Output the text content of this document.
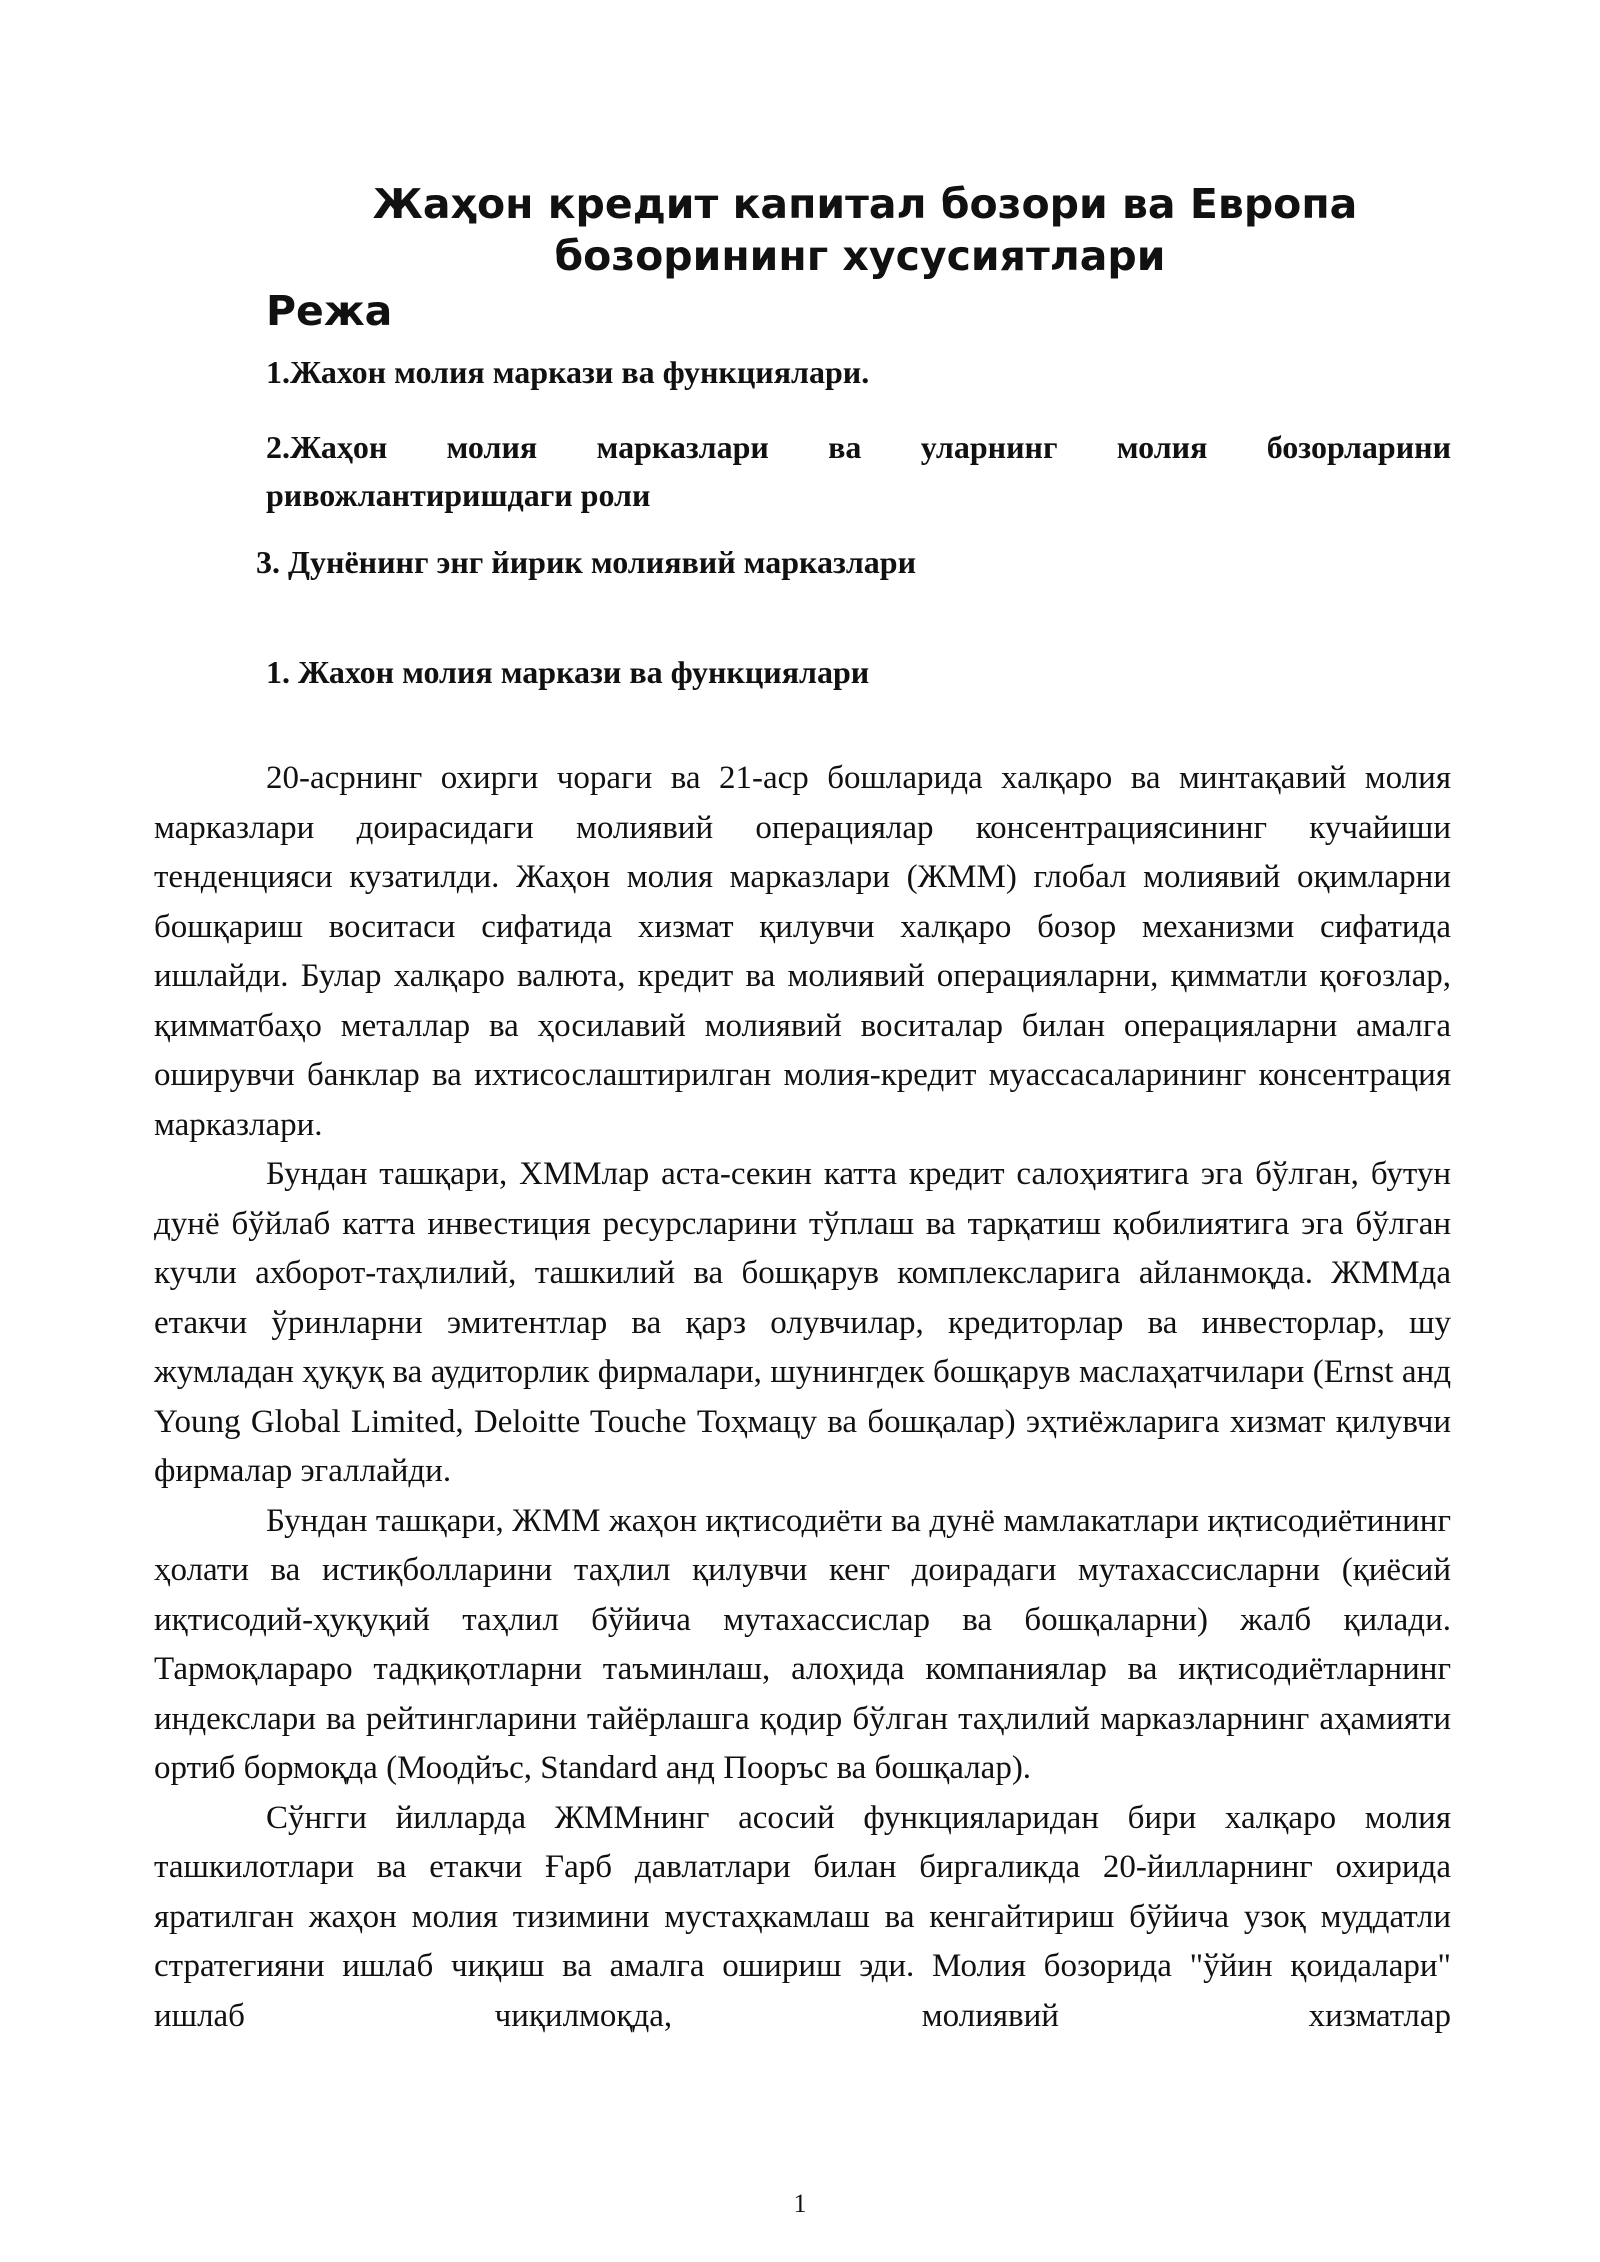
Жаҳон кредит капитал бозори ва Европа
бозорининг хусусиятлари
Режа

1.Жахон молия маркази ва функциялари.

2.Жаҳон молия марказлари ва уларнинг молия бозорларини ривожлантиришдаги роли

3. Дунёнинг энг йирик молиявий марказлари

1. Жахон молия маркази ва функциялари

20-асрнинг охирги чораги ва 21-аср бошларида халқаро ва минтақавий молия марказлари доирасидаги молиявий операциялар консентрациясининг кучайиши тенденцияси кузатилди. Жаҳон молия марказлари (ЖММ) глобал молиявий оқимларни бошқариш воситаси сифатида хизмат қилувчи халқаро бозор механизми сифатида ишлайди. Булар халқаро валюта, кредит ва молиявий операцияларни, қимматли қоғозлар, қимматбаҳо металлар ва ҳосилавий молиявий воситалар билан операцияларни амалга оширувчи банклар ва ихтисослаштирилган молия-кредит муассасаларининг консентрация марказлари.

Бундан ташқари, ХММлар аста-секин катта кредит салоҳиятига эга бўлган, бутун дунё бўйлаб катта инвестиция ресурсларини тўплаш ва тарқатиш қобилиятига эга бўлган кучли ахборот-таҳлилий, ташкилий ва бошқарув комплексларига айланмоқда. ЖММда етакчи ўринларни эмитентлар ва қарз олувчилар, кредиторлар ва инвесторлар, шу жумладан ҳуқуқ ва аудиторлик фирмалари, шунингдек бошқарув маслаҳатчилари (Ernst анд Young Global Limited, Deloitte Touche Тоҳмацу ва бошқалар) эҳтиёжларига хизмат қилувчи фирмалар эгаллайди.

Бундан ташқари, ЖММ жаҳон иқтисодиёти ва дунё мамлакатлари иқтисодиётининг ҳолати ва истиқболларини таҳлил қилувчи кенг доирадаги мутахассисларни (қиёсий иқтисодий-ҳуқуқий таҳлил бўйича мутахассислар ва бошқаларни) жалб қилади. Тармоқлараро тадқиқотларни таъминлаш, алоҳида компаниялар ва иқтисодиётларнинг индекслари ва рейтингларини тайёрлашга қодир бўлган таҳлилий марказларнинг аҳамияти ортиб бормоқда (Моодйъс, Standard анд Пооръс ва бошқалар).

Сўнгги йилларда ЖММнинг асосий функцияларидан бири халқаро молия ташкилотлари ва етакчи Ғарб давлатлари билан биргаликда 20-йилларнинг охирида яратилган жаҳон молия тизимини мустаҳкамлаш ва кенгайтириш бўйича узоқ муддатли стратегияни ишлаб чиқиш ва амалга ошириш эди. Молия бозорида "ўйин қоидалари" ишлаб чиқилмоқда, молиявий хизматлар

1
